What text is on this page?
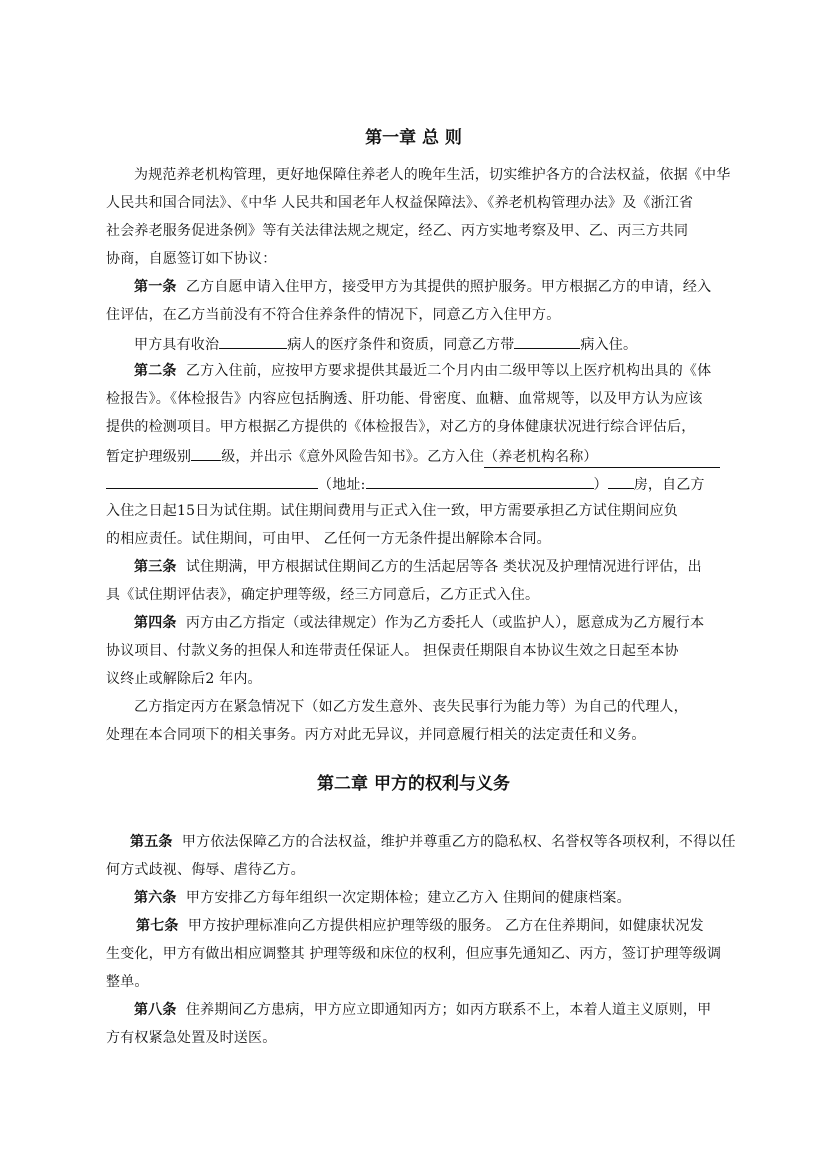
第一章 总 则
为规范养老机构管理，更好地保障住养老人的晚年生活，切实维护各方的合法权益，依据《中华
人民共和国合同法》、《中华 人民共和国老年人权益保障法》、《养老机构管理办法》及《浙江省
社会养老服务促进条例》等有关法律法规之规定，经乙、丙方实地考察及甲、乙、丙三方共同
协商，自愿签订如下协议：
第一条 乙方自愿申请入住甲方，接受甲方为其提供的照护服务。甲方根据乙方的申请，经入
住评估，在乙方当前没有不符合住养条件的情况下，同意乙方入住甲方。
甲方具有收治	病人的医疗条件和资质，同意乙方带	病入住。
第二条 乙方入住前，应按甲方要求提供其最近二个月内由二级甲等以上医疗机构出具的《体
检报告》。《体检报告》内容应包括胸透、肝功能、骨密度、血糖、血常规等，以及甲方认为应该
提供的检测项目。甲方根据乙方提供的《体检报告》，对乙方的身体健康状况进行综合评估后，
暂定护理级别 级，并出示《意外风险告知书》。乙方入住（养老机构名称）
（地址:	） 房，自乙方
入住之日起15日为试住期。试住期间费用与正式入住一致，甲方需要承担乙方试住期间应负
的相应责任。试住期间，可由甲、 乙任何一方无条件提出解除本合同。
第三条 试住期满，甲方根据试住期间乙方的生活起居等各 类状况及护理情况进行评估，出
具《试住期评估表》，确定护理等级，经三方同意后，乙方正式入住。
第四条 丙方由乙方指定（或法律规定）作为乙方委托人（或监护人），愿意成为乙方履行本
协议项目、付款义务的担保人和连带责任保证人。 担保责任期限自本协议生效之日起至本协
议终止或解除后2 年内。
乙方指定丙方在紧急情况下（如乙方发生意外、丧失民事行为能力等）为自己的代理人，
处理在本合同项下的相关事务。丙方对此无异议，并同意履行相关的法定责任和义务。
第二章 甲方的权利与义务
第五条 甲方依法保障乙方的合法权益，维护并尊重乙方的隐私权、名誉权等各项权利，不得以任
何方式歧视、侮辱、虐待乙方。
第六条 甲方安排乙方每年组织一次定期体检；建立乙方入 住期间的健康档案。
第七条 甲方按护理标准向乙方提供相应护理等级的服务。 乙方在住养期间，如健康状况发
生变化，甲方有做出相应调整其 护理等级和床位的权利，但应事先通知乙、丙方，签订护理等级调
整单。
第八条 住养期间乙方患病，甲方应立即通知丙方；如丙方联系不上，本着人道主义原则，甲
方有权紧急处置及时送医。
